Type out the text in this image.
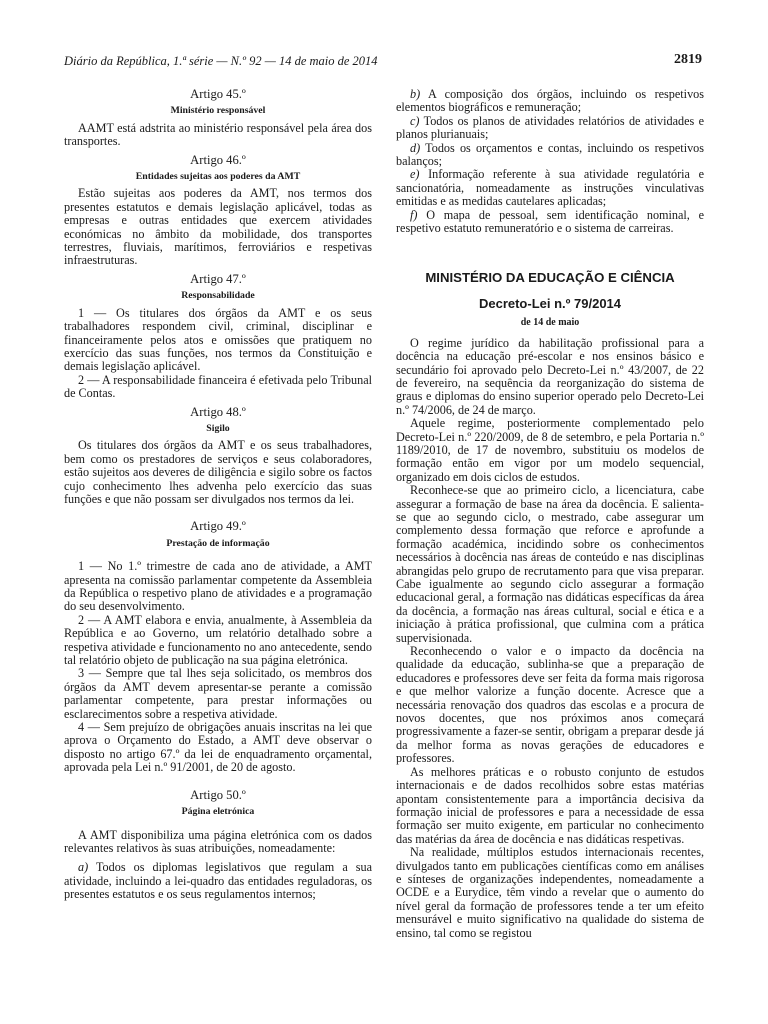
Diário da República, 1.ª série — N.º 92 — 14 de maio de 2014	2819
Artigo 45.º
Ministério responsável

AAMT está adstrita ao ministério responsável pela área dos transportes.

Artigo 46.º
Entidades sujeitas aos poderes da AMT

Estão sujeitas aos poderes da AMT, nos termos dos presentes estatutos e demais legislação aplicável, todas as empresas e outras entidades que exercem atividades económicas no âmbito da mobilidade, dos transportes terrestres, fluviais, marítimos, ferroviários e respetivas infraestruturas.

Artigo 47.º
Responsabilidade

1 — Os titulares dos órgãos da AMT e os seus trabalhadores respondem civil, criminal, disciplinar e financeiramente pelos atos e omissões que pratiquem no exercício das suas funções, nos termos da Constituição e demais legislação aplicável.

2 — A responsabilidade financeira é efetivada pelo Tribunal de Contas.

Artigo 48.º
Sigilo

Os titulares dos órgãos da AMT e os seus trabalhadores, bem como os prestadores de serviços e seus colaboradores, estão sujeitos aos deveres de diligência e sigilo sobre os factos cujo conhecimento lhes advenha pelo exercício das suas funções e que não possam ser divulgados nos termos da lei.

Artigo 49.º
Prestação de informação

1 — No 1.º trimestre de cada ano de atividade, a AMT apresenta na comissão parlamentar competente da Assembleia da República o respetivo plano de atividades e a programação do seu desenvolvimento.

2 — A AMT elabora e envia, anualmente, à Assembleia da República e ao Governo, um relatório detalhado sobre a respetiva atividade e funcionamento no ano antecedente, sendo tal relatório objeto de publicação na sua página eletrónica.

3 — Sempre que tal lhes seja solicitado, os membros dos órgãos da AMT devem apresentar-se perante a comissão parlamentar competente, para prestar informações ou esclarecimentos sobre a respetiva atividade.

4 — Sem prejuízo de obrigações anuais inscritas na lei que aprova o Orçamento do Estado, a AMT deve observar o disposto no artigo 67.º da lei de enquadramento orçamental, aprovada pela Lei n.º 91/2001, de 20 de agosto.

Artigo 50.º
Página eletrónica

A AMT disponibiliza uma página eletrónica com os dados relevantes relativos às suas atribuições, nomeadamente:

a) Todos os diplomas legislativos que regulam a sua atividade, incluindo a lei-quadro das entidades reguladoras, os presentes estatutos e os seus regulamentos internos;

b) A composição dos órgãos, incluindo os respetivos elementos biográficos e remuneração;

c) Todos os planos de atividades relatórios de atividades e planos plurianuais;

d) Todos os orçamentos e contas, incluindo os respetivos balanços;

e) Informação referente à sua atividade regulatória e sancionatória, nomeadamente as instruções vinculativas emitidas e as medidas cautelares aplicadas;

f) O mapa de pessoal, sem identificação nominal, e respetivo estatuto remuneratório e o sistema de carreiras.

MINISTÉRIO DA EDUCAÇÃO E CIÊNCIA
Decreto-Lei n.º 79/2014
de 14 de maio

O regime jurídico da habilitação profissional para a docência na educação pré-escolar e nos ensinos básico e secundário foi aprovado pelo Decreto-Lei n.º 43/2007, de 22 de fevereiro, na sequência da reorganização do sistema de graus e diplomas do ensino superior operado pelo Decreto-Lei n.º 74/2006, de 24 de março.

Aquele regime, posteriormente complementado pelo Decreto-Lei n.º 220/2009, de 8 de setembro, e pela Portaria n.º 1189/2010, de 17 de novembro, substituiu os modelos de formação então em vigor por um modelo sequencial, organizado em dois ciclos de estudos.

Reconhece-se que ao primeiro ciclo, a licenciatura, cabe assegurar a formação de base na área da docência. E salienta-se que ao segundo ciclo, o mestrado, cabe assegurar um complemento dessa formação que reforce e aprofunde a formação académica, incidindo sobre os conhecimentos necessários à docência nas áreas de conteúdo e nas disciplinas abrangidas pelo grupo de recrutamento para que visa preparar. Cabe igualmente ao segundo ciclo assegurar a formação educacional geral, a formação nas didáticas específicas da área da docência, a formação nas áreas cultural, social e ética e a iniciação à prática profissional, que culmina com a prática supervisionada.

Reconhecendo o valor e o impacto da docência na qualidade da educação, sublinha-se que a preparação de educadores e professores deve ser feita da forma mais rigorosa e que melhor valorize a função docente. Acresce que a necessária renovação dos quadros das escolas e a procura de novos docentes, que nos próximos anos começará progressivamente a fazer-se sentir, obrigam a preparar desde já da melhor forma as novas gerações de educadores e professores.

As melhores práticas e o robusto conjunto de estudos internacionais e de dados recolhidos sobre estas matérias apontam consistentemente para a importância decisiva da formação inicial de professores e para a necessidade de essa formação ser muito exigente, em particular no conhecimento das matérias da área de docência e nas didáticas respetivas.

Na realidade, múltiplos estudos internacionais recentes, divulgados tanto em publicações científicas como em análises e sínteses de organizações independentes, nomeadamente a OCDE e a Eurydice, têm vindo a revelar que o aumento do nível geral da formação de professores tende a ter um efeito mensurável e muito significativo na qualidade do sistema de ensino, tal como se registou
